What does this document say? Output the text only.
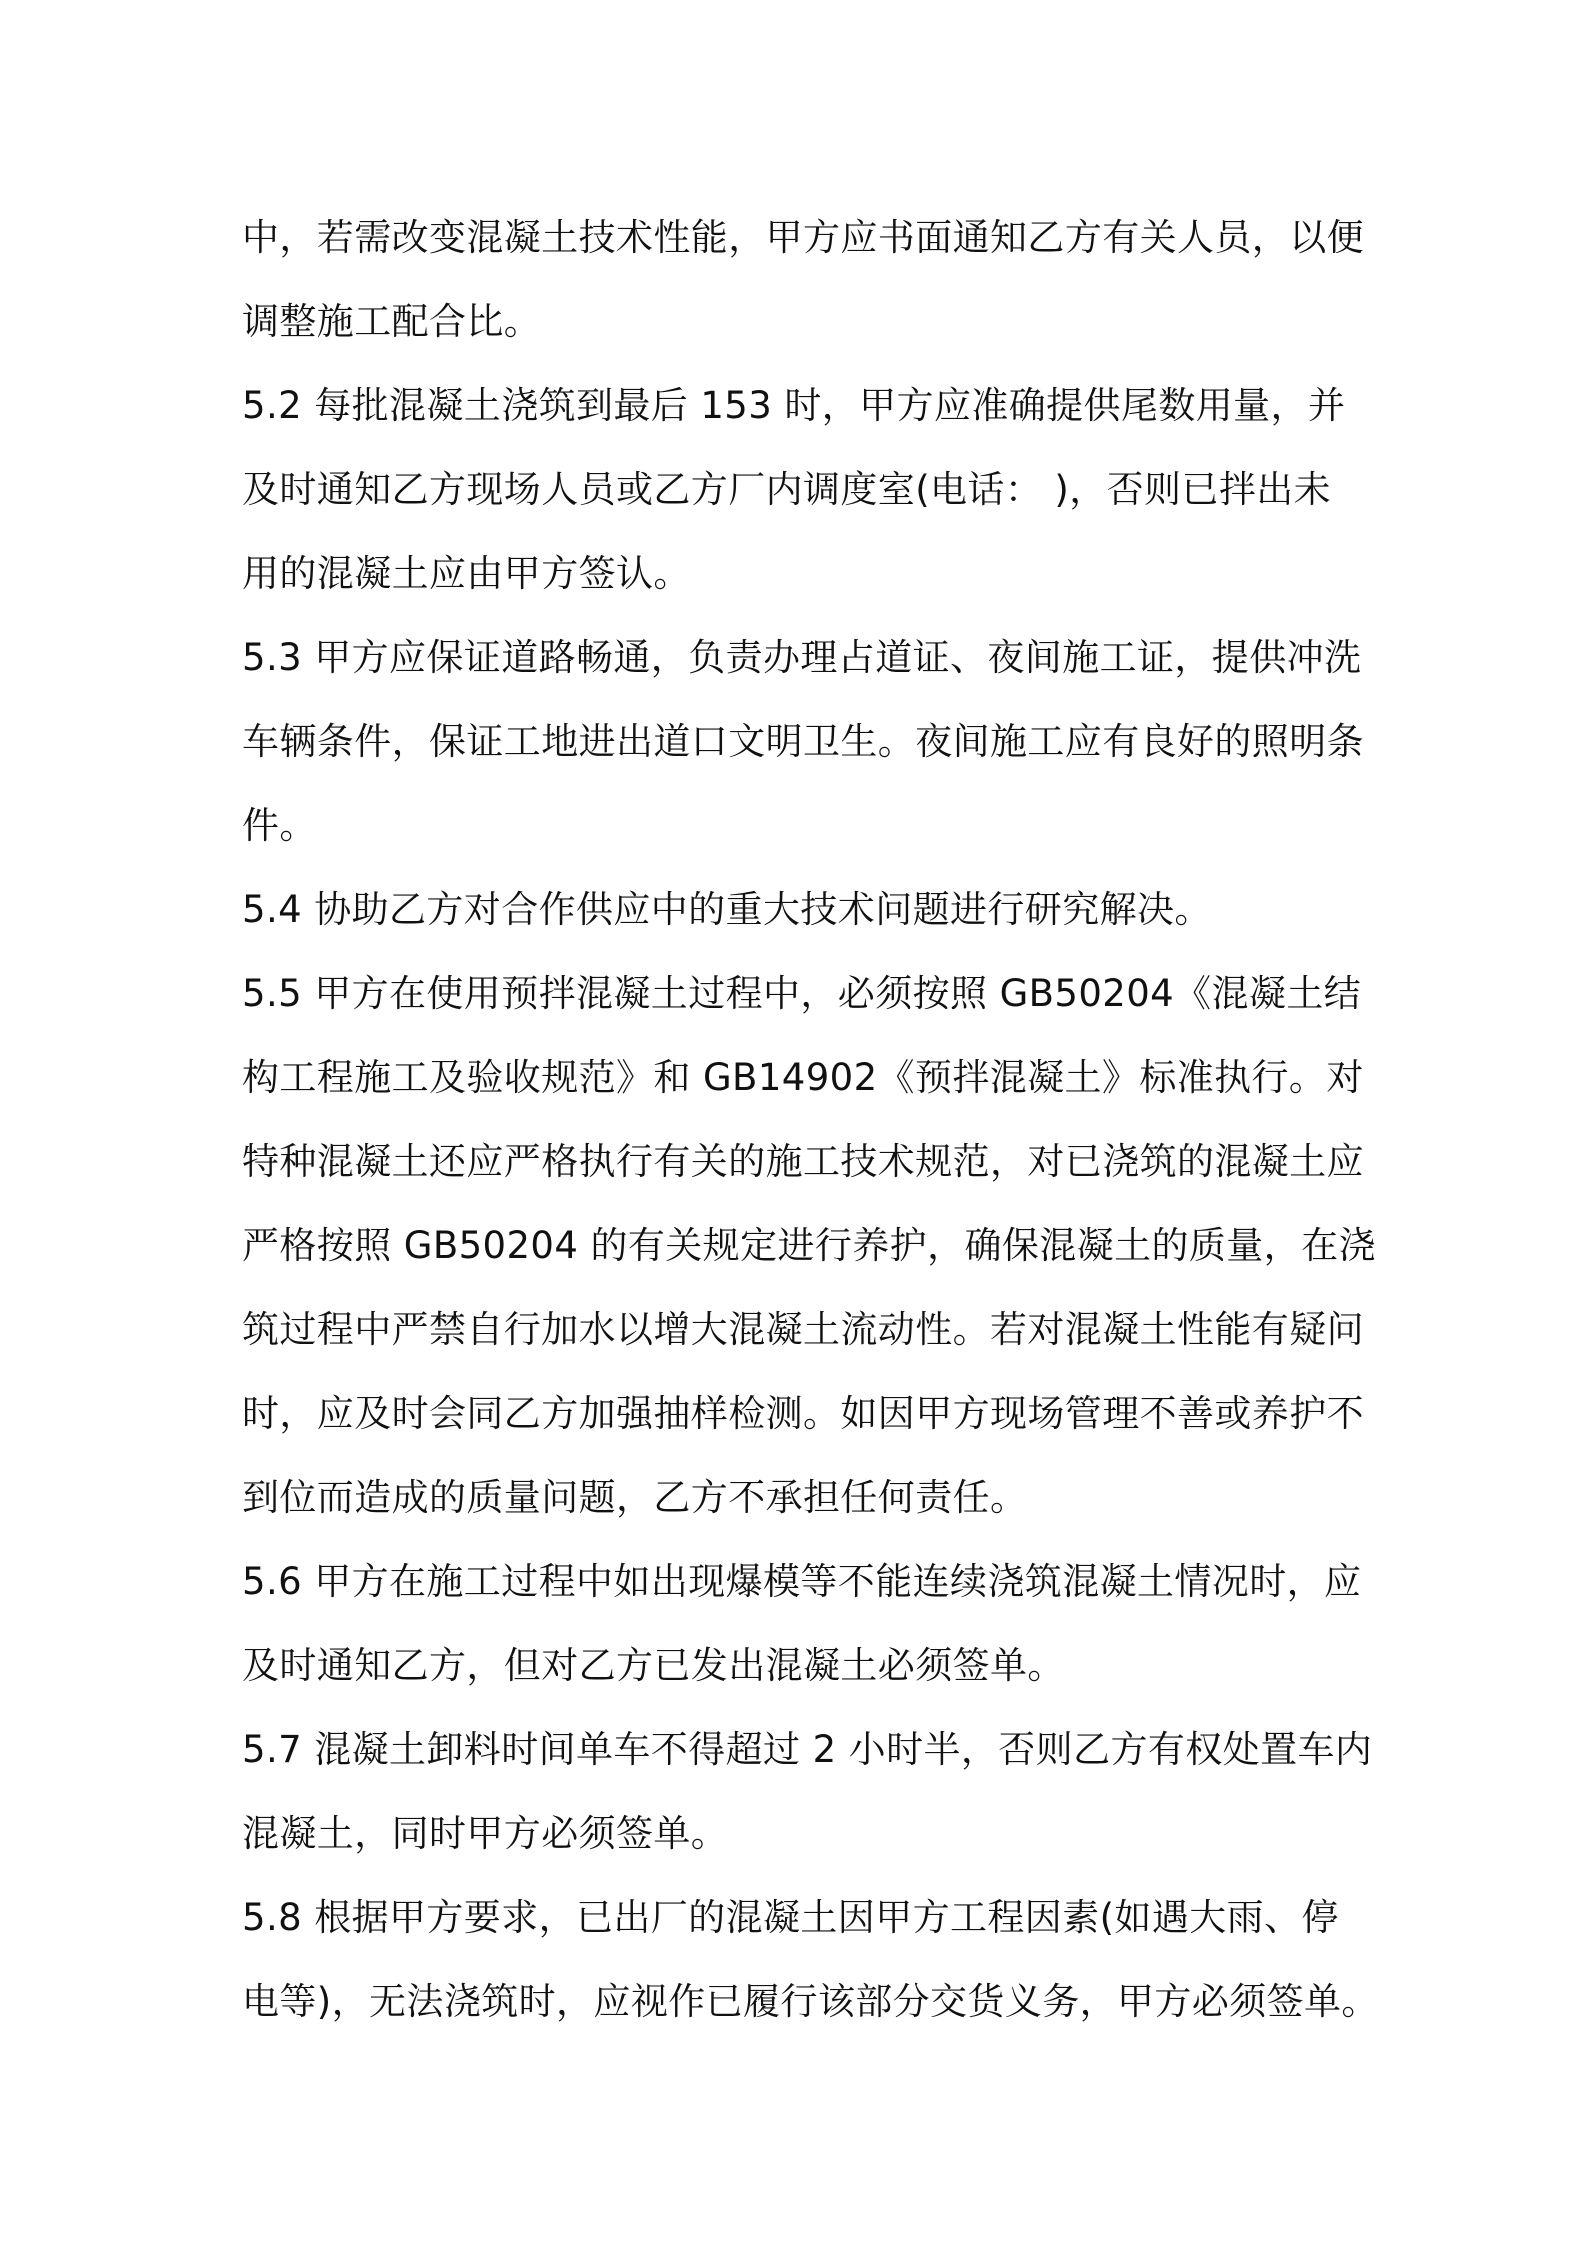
中，若需改变混凝土技术性能，甲方应书面通知乙方有关人员，以便
调整施工配合比。
5.2 每批混凝土浇筑到最后 153 时，甲方应准确提供尾数用量，并
及时通知乙方现场人员或乙方厂内调度室(电话： )，否则已拌出未
用的混凝土应由甲方签认。
5.3 甲方应保证道路畅通，负责办理占道证、夜间施工证，提供冲洗
车辆条件，保证工地进出道口文明卫生。夜间施工应有良好的照明条
件。
5.4 协助乙方对合作供应中的重大技术问题进行研究解决。
5.5 甲方在使用预拌混凝土过程中，必须按照 GB50204《混凝土结
构工程施工及验收规范》和 GB14902《预拌混凝土》标准执行。对
特种混凝土还应严格执行有关的施工技术规范，对已浇筑的混凝土应
严格按照 GB50204 的有关规定进行养护，确保混凝土的质量，在浇
筑过程中严禁自行加水以增大混凝土流动性。若对混凝土性能有疑问
时，应及时会同乙方加强抽样检测。如因甲方现场管理不善或养护不
到位而造成的质量问题，乙方不承担任何责任。
5.6 甲方在施工过程中如出现爆模等不能连续浇筑混凝土情况时，应
及时通知乙方，但对乙方已发出混凝土必须签单。
5.7 混凝土卸料时间单车不得超过 2 小时半，否则乙方有权处置车内
混凝土，同时甲方必须签单。
5.8 根据甲方要求，已出厂的混凝土因甲方工程因素(如遇大雨、停
电等)，无法浇筑时，应视作已履行该部分交货义务，甲方必须签单。
